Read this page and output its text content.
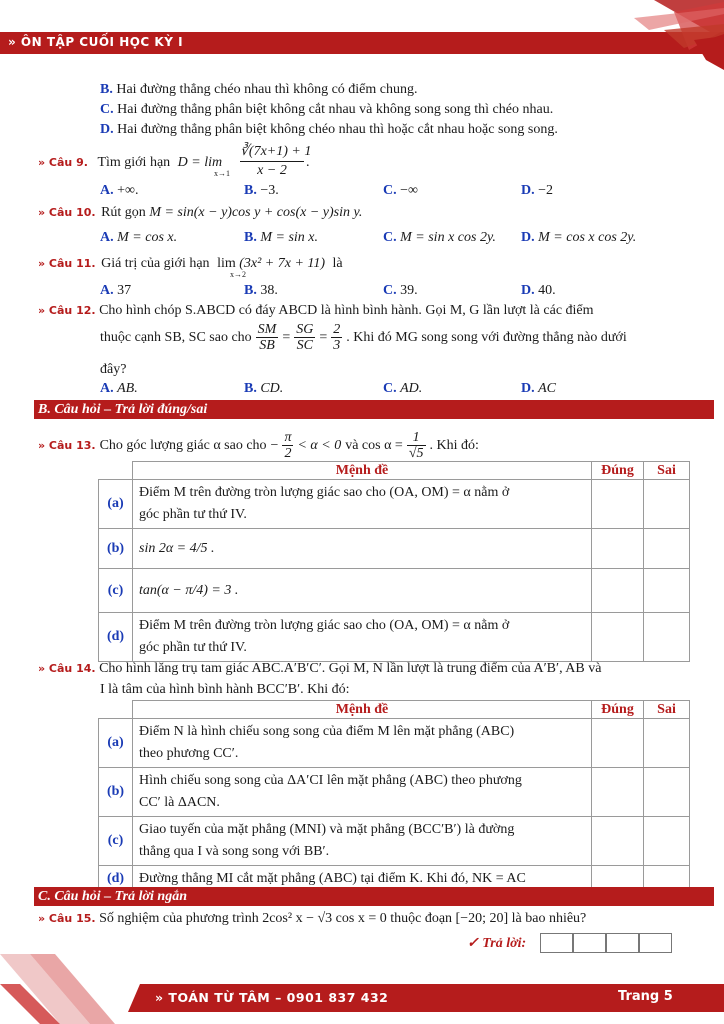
» ÔN TẬP CUỐI HỌC KỲ I
B. Hai đường thẳng chéo nhau thì không có điểm chung.
C. Hai đường thẳng phân biệt không cắt nhau và không song song thì chéo nhau.
D. Hai đường thẳng phân biệt không chéo nhau thì hoặc cắt nhau hoặc song song.
» Câu 9. Tìm giới hạn D = lim
x→1
∛(7x+1) + 1
x − 2
.
A. +∞.	B. −3.	C. −∞	D. −2
» Câu 10. Rút gọn M = sin(x − y)cos y + cos(x − y)sin y.
A. M = cos x.	B. M = sin x.	C. M = sin x cos 2y. D. M = cos x cos 2y.
» Câu 11. Giá trị của giới hạn lim (3x² + 7x + 11) là
x→2
A. 37	B. 38.	C. 39.	D. 40.
» Câu 12. Cho hình chóp S.ABCD có đáy ABCD là hình bình hành. Gọi M, G lần lượt là các điểm
thuộc cạnh SB, SC sao cho $\frac{SM}{SB} = \frac{SG}{SC} = \frac{2}{3}$ . Khi đó MG song song với đường thẳng nào dưới
đây?
A. AB.	B. CD.	C. AD.	D. AC
B. Câu hỏi – Trả lời đúng/sai
» Câu 13. Cho góc lượng giác α sao cho − $\frac{\pi}{2} < \alpha < 0$ và $\cos \alpha = \frac{1}{√5}$ . Khi đó:
	Mệnh đề	Đúng	Sai
(a)	Điểm M trên đường tròn lượng giác sao cho (OA, OM) = α nằm ở
góc phần tư thứ IV.		

(b)	sin 2α = 4/5 .		
(c)	tan(α − π/4) = 3 .		
(d)	Điểm M trên đường tròn lượng giác sao cho (OA, OM) = α nằm ở
góc phần tư thứ IV.		

» Câu 14. Cho hình lăng trụ tam giác ABC.A′B′C′. Gọi M, N lần lượt là trung điểm của A′B′, AB và
I là tâm của hình bình hành BCC′B′. Khi đó:
	Mệnh đề	Đúng	Sai
(a)	Điểm N là hình chiếu song song của điểm M lên mặt phẳng (ABC)
theo phương CC′.		

(b)	Hình chiếu song song của ΔA′CI lên mặt phẳng (ABC) theo phương
CC′ là ΔACN.		

(c)	Giao tuyến của mặt phẳng (MNI) và mặt phẳng (BCC′B′) là đường
thẳng qua I và song song với BB′.		

(d)	Đường thẳng MI cắt mặt phẳng (ABC) tại điểm K. Khi đó, NK = AC		
C. Câu hỏi – Trả lời ngắn
» Câu 15. Số nghiệm của phương trình 2cos² x − √3 cos x = 0 thuộc đoạn [−20; 20] là bao nhiêu?
✓ Trả lời:
» TOÁN TỪ TÂM – 0901 837 432	Trang 5
